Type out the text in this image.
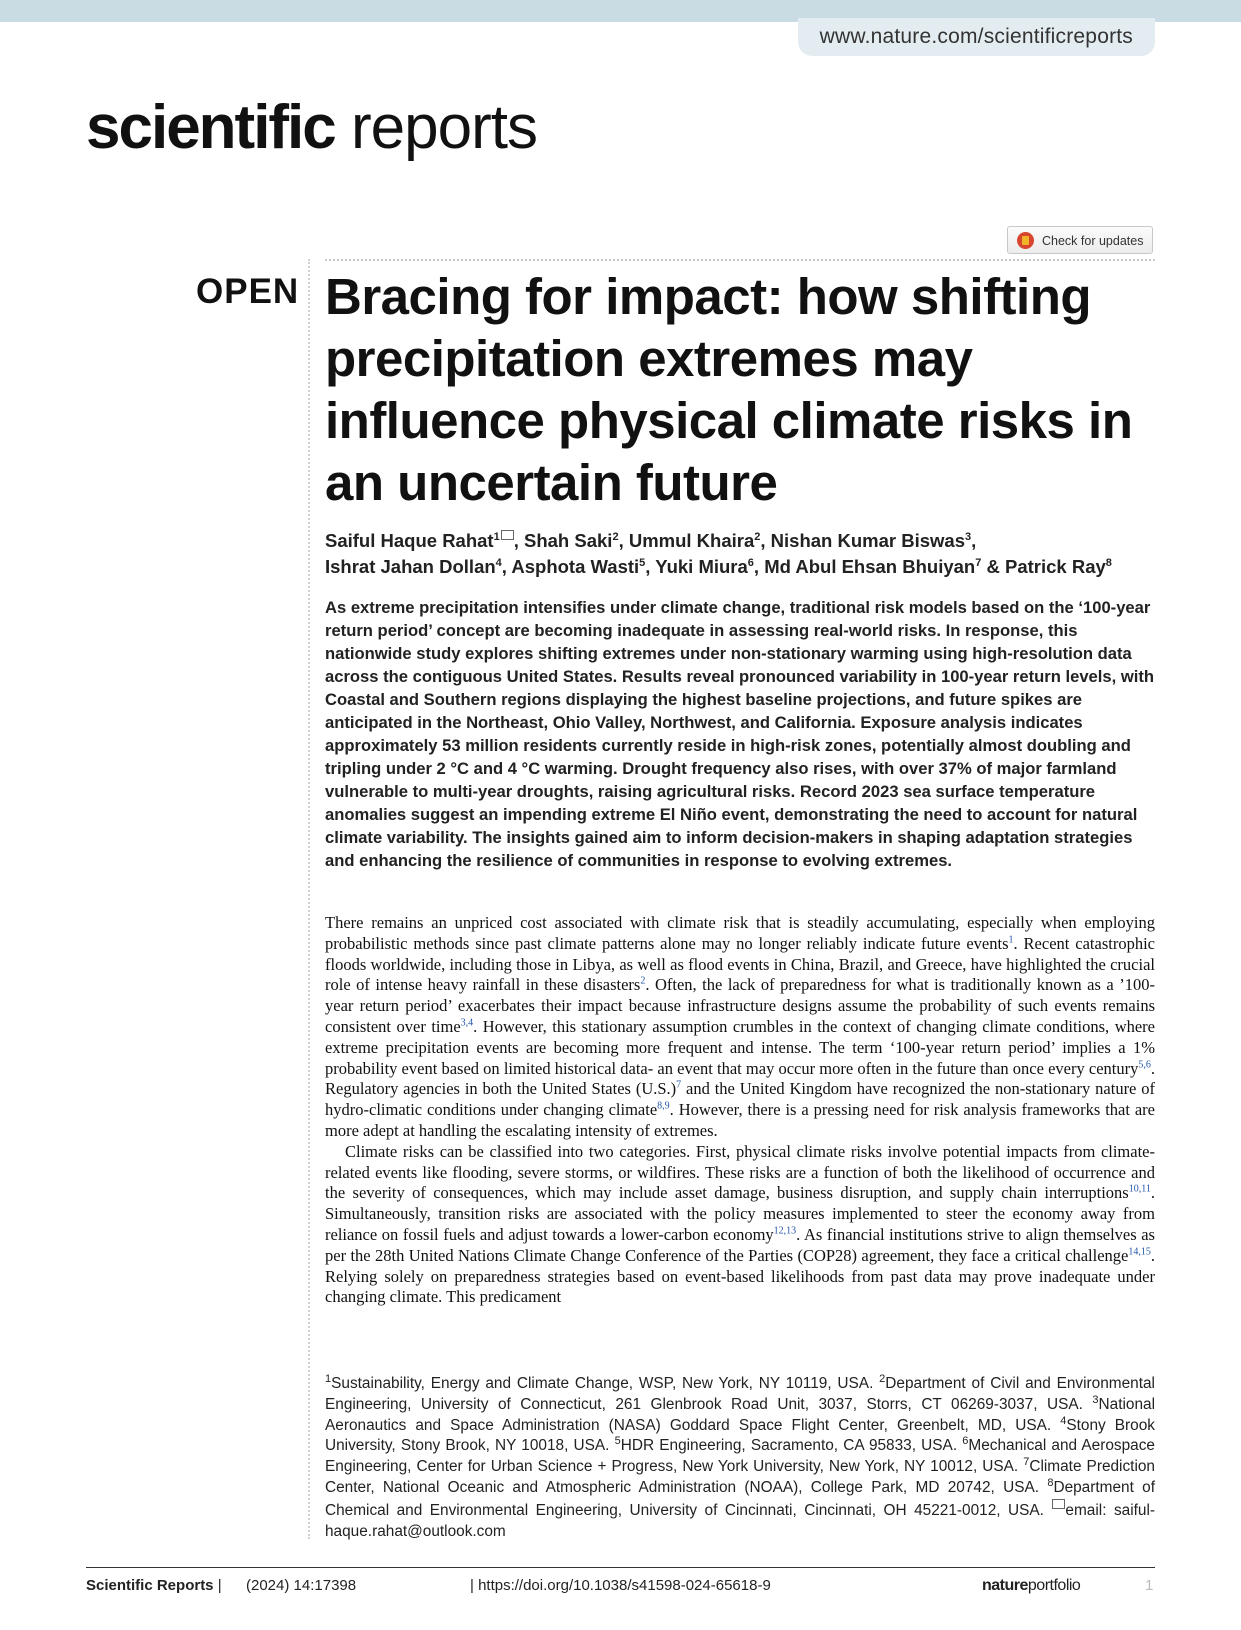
www.nature.com/scientificreports
scientific reports
Check for updates
OPEN Bracing for impact: how shifting precipitation extremes may influence physical climate risks in an uncertain future

Saiful Haque Rahat$^1$ , Shah Saki$^2$, Ummul Khaira$^2$, Nishan Kumar Biswas$^3$,
Ishrat Jahan Dollan$^4$, Asphota Wasti$^5$, Yuki Miura$^6$, Md Abul Ehsan Bhuiyan$^7$ & Patrick Ray$^8$

As extreme precipitation intensifies under climate change, traditional risk models based on the ‘100-year return period’ concept are becoming inadequate in assessing real-world risks. In response, this nationwide study explores shifting extremes under non-stationary warming using high-resolution data across the contiguous United States. Results reveal pronounced variability in 100-year return levels, with Coastal and Southern regions displaying the highest baseline projections, and future spikes are anticipated in the Northeast, Ohio Valley, Northwest, and California. Exposure analysis indicates approximately 53 million residents currently reside in high-risk zones, potentially almost doubling and tripling under 2 °C and 4 °C warming. Drought frequency also rises, with over 37% of major farmland vulnerable to multi-year droughts, raising agricultural risks. Record 2023 sea surface temperature anomalies suggest an impending extreme El Niño event, demonstrating the need to account for natural climate variability. The insights gained aim to inform decision-makers in shaping adaptation strategies and enhancing the resilience of communities in response to evolving extremes.

There remains an unpriced cost associated with climate risk that is steadily accumulating, especially when employing probabilistic methods since past climate patterns alone may no longer reliably indicate future events$^1$. Recent catastrophic floods worldwide, including those in Libya, as well as flood events in China, Brazil, and Greece, have highlighted the crucial role of intense heavy rainfall in these disasters$^2$. Often, the lack of preparedness for what is traditionally known as a ’100-year return period’ exacerbates their impact because infrastructure designs assume the probability of such events remains consistent over time$^{3,4}$. However, this stationary assumption crumbles in the context of changing climate conditions, where extreme precipitation events are becoming more frequent and intense. The term ‘100-year return period’ implies a 1% probability event based on limited historical data- an event that may occur more often in the future than once every century$^{5,6}$. Regulatory agencies in both the United States (U.S.)$^7$ and the United Kingdom have recognized the non-stationary nature of hydro-climatic conditions under changing climate$^{8,9}$. However, there is a pressing need for risk analysis frameworks that are more adept at handling the escalating intensity of extremes.

Climate risks can be classified into two categories. First, physical climate risks involve potential impacts from climate-related events like flooding, severe storms, or wildfires. These risks are a function of both the likelihood of occurrence and the severity of consequences, which may include asset damage, business disruption, and supply chain interruptions$^{10,11}$. Simultaneously, transition risks are associated with the policy measures implemented to steer the economy away from reliance on fossil fuels and adjust towards a lower-carbon economy$^{12,13}$. As financial institutions strive to align themselves as per the 28th United Nations Climate Change Conference of the Parties (COP28) agreement, they face a critical challenge$^{14,15}$. Relying solely on preparedness strategies based on event-based likelihoods from past data may prove inadequate under changing climate. This predicament

$^1$Sustainability, Energy and Climate Change, WSP, New York, NY 10119, USA. $^2$Department of Civil and Environmental Engineering, University of Connecticut, 261 Glenbrook Road Unit, 3037, Storrs, CT 06269-3037, USA. $^3$National Aeronautics and Space Administration (NASA) Goddard Space Flight Center, Greenbelt, MD, USA. $^4$Stony Brook University, Stony Brook, NY 10018, USA. $^5$HDR Engineering, Sacramento, CA 95833, USA. $^6$Mechanical and Aerospace Engineering, Center for Urban Science + Progress, New York University, New York, NY 10012, USA. $^7$Climate Prediction Center, National Oceanic and Atmospheric Administration (NOAA), College Park, MD 20742, USA. $^8$Department of Chemical and Environmental Engineering, University of Cincinnati, Cincinnati, OH 45221-0012, USA. email: saiful-haque.rahat@outlook.com

Scientific Reports | (2024) 14:17398	| https://doi.org/10.1038/s41598-024-65618-9	natureportfolio	1
